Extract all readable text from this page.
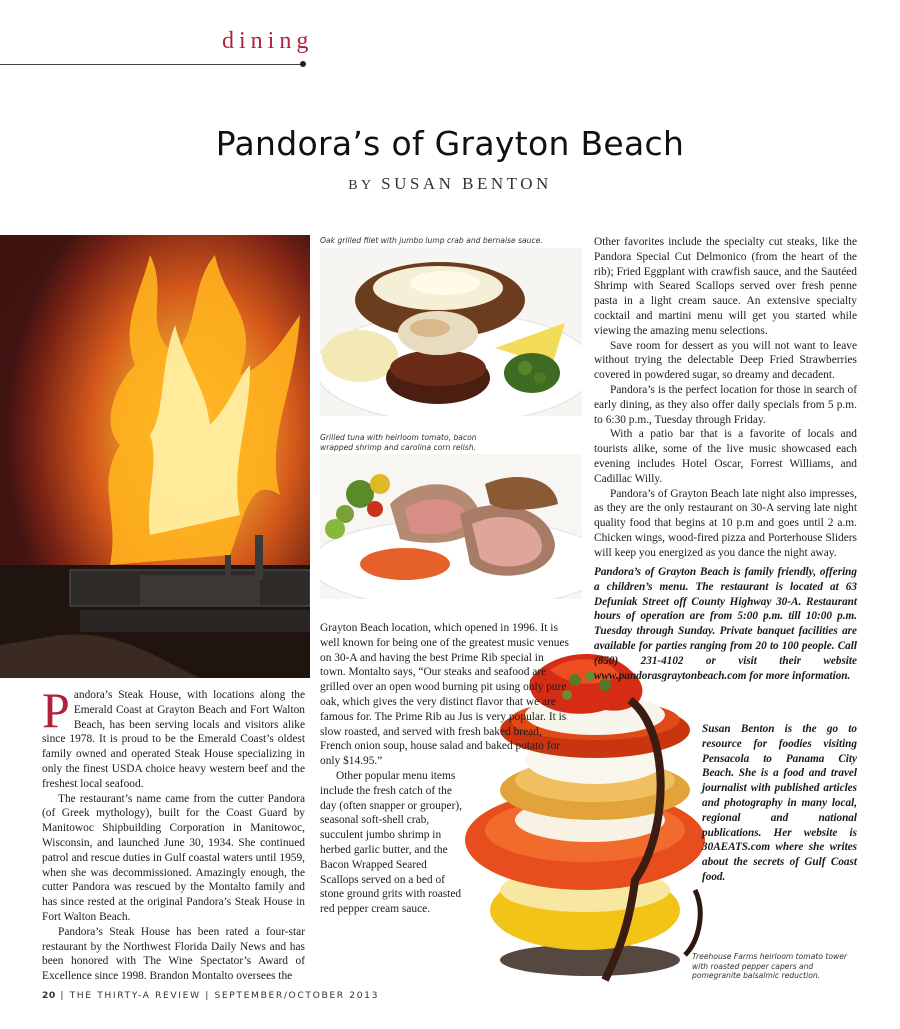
dining
Pandora’s of Grayton Beach
BY SUSAN BENTON
Oak grilled filet with jumbo lump crab and bernaise sauce.
Grilled tuna with heirloom tomato, bacon wrapped shrimp and carolina corn relish.

Pandora’s Steak House, with locations along the Emerald Coast at Grayton Beach and Fort Walton Beach, has been serving locals and visitors alike since 1978. It is proud to be the Emerald Coast’s oldest family owned and operated Steak House specializing in only the finest USDA choice heavy western beef and the freshest local seafood.

The restaurant’s name came from the cutter Pandora (of Greek mythology), built for the Coast Guard by Manitowoc Shipbuilding Corporation in Manitowoc, Wisconsin, and launched June 30, 1934. She continued patrol and rescue duties in Gulf coastal waters until 1959, when she was decommissioned. Amazingly enough, the cutter Pandora was rescued by the Montalto family and has since rested at the original Pandora’s Steak House in Fort Walton Beach.

Pandora’s Steak House has been rated a four-star restaurant by the Northwest Florida Daily News and has been honored with The Wine Spectator’s Award of Excellence since 1998. Brandon Montalto oversees the

Grayton Beach location, which opened in 1996. It is well known for being one of the greatest music venues on 30-A and having the best Prime Rib special in town. Montalto says, “Our steaks and seafood are grilled over an open wood burning pit using only pure oak, which gives the very distinct flavor that we are famous for. The Prime Rib au Jus is very popular. It is slow roasted, and served with fresh baked bread, French onion soup, house salad and baked potato for only $14.95.”

Other popular menu items include the fresh catch of the day (often snapper or grouper), seasonal soft-shell crab, succulent jumbo shrimp in herbed garlic butter, and the Bacon Wrapped Seared Scallops served on a bed of stone ground grits with roasted red pepper cream sauce.

Other favorites include the specialty cut steaks, like the Pandora Special Cut Delmonico (from the heart of the rib); Fried Eggplant with crawfish sauce, and the Sautéed Shrimp with Seared Scallops served over fresh penne pasta in a light cream sauce. An extensive specialty cocktail and martini menu will get you started while viewing the amazing menu selections.

Save room for dessert as you will not want to leave without trying the delectable Deep Fried Strawberries covered in powdered sugar, so dreamy and decadent.

Pandora’s is the perfect location for those in search of early dining, as they also offer daily specials from 5 p.m. to 6:30 p.m., Tuesday through Friday.

With a patio bar that is a favorite of locals and tourists alike, some of the live music showcased each evening includes Hotel Oscar, Forrest Williams, and Cadillac Willy.

Pandora’s of Grayton Beach late night also impresses, as they are the only restaurant on 30-A serving late night quality food that begins at 10 p.m and goes until 2 a.m. Chicken wings, wood-fired pizza and Porterhouse Sliders will keep you energized as you dance the night away.

Pandora’s of Grayton Beach is family friendly, offering a children’s menu. The restaurant is located at 63 Defuniak Street off County Highway 30-A. Restaurant hours of operation are from 5:00 p.m. till 10:00 p.m. Tuesday through Sunday. Private banquet facilities are available for parties ranging from 20 to 100 people. Call (850) 231-4102 or visit their website www.pandorasgraytonbeach.com for more information.
Susan Benton is the go to resource for foodies visiting Pensacola to Panama City Beach. She is a food and travel journalist with published articles and photography in many local, regional and national publications. Her website is 30AEATS.com where she writes about the secrets of Gulf Coast food.
Treehouse Farms heirloom tomato tower with roasted pepper capers and pomegranite balsalmic reduction.
20 | THE THIRTY-A REVIEW | SEPTEMBER/OCTOBER 2013
